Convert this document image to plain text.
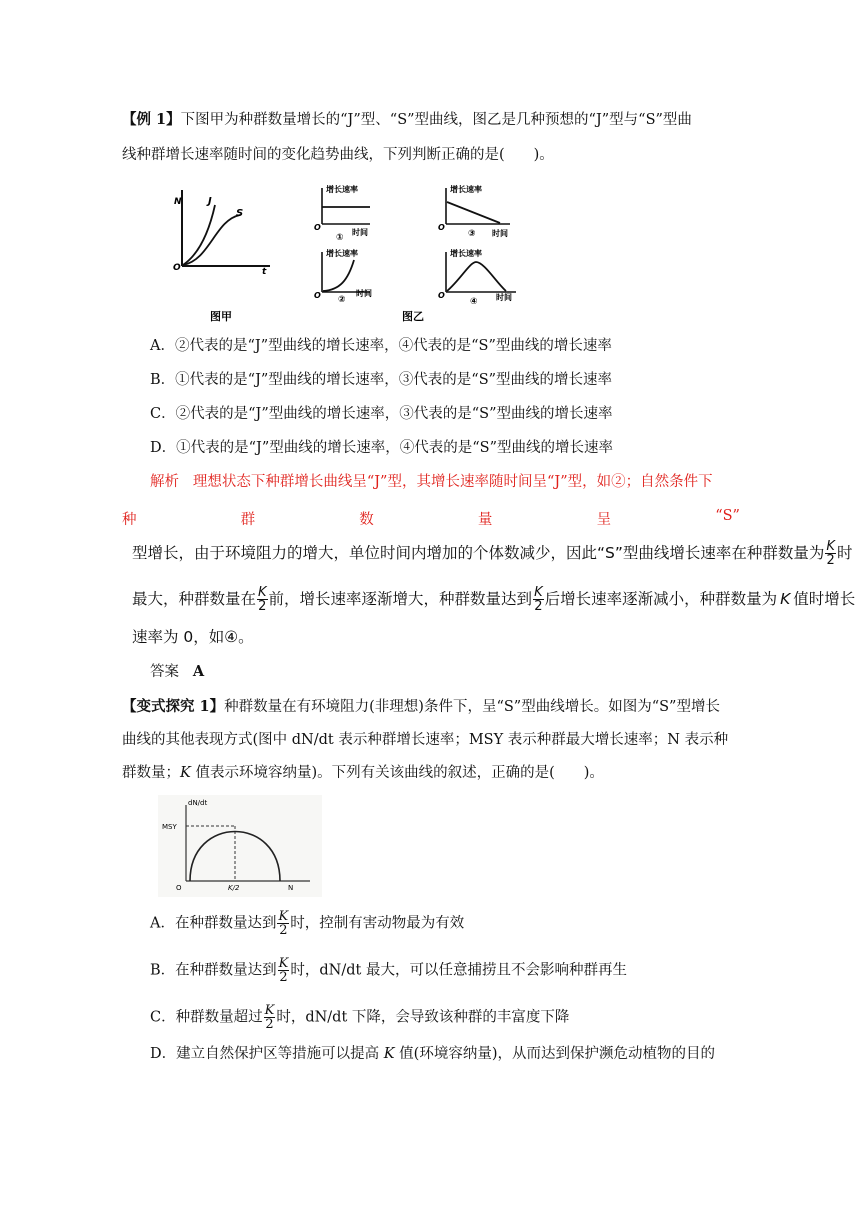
【例 1】下图甲为种群数量增长的“J”型、“S”型曲线，图乙是几种预想的“J”型与“S”型曲
线种群增长速率随时间的变化趋势曲线，下列判断正确的是(　　)。
N
O	t
J
S
图甲
增长速率
O
时间
①
增长速率
O	时间
②
增长速率
O
时间
③
增长速率
O	时间
④
图乙
A．②代表的是“J”型曲线的增长速率，④代表的是“S”型曲线的增长速率
B．①代表的是“J”型曲线的增长速率，③代表的是“S”型曲线的增长速率
C．②代表的是“J”型曲线的增长速率，③代表的是“S”型曲线的增长速率
D．①代表的是“J”型曲线的增长速率，④代表的是“S”型曲线的增长速率
解析 理想状态下种群增长曲线呈“J”型，其增长速率随时间呈“J”型，如②；自然条件下
种	群	数	量	呈	“S”
型增长，由于环境阻力的增大，单位时间内增加的个体数减少，因此“S”型曲线增长速率在种群数量为 $\frac{K}{2}$ 时
最大，种群数量在 $\frac{K}{2}$ 前，增长速率逐渐增大，种群数量达到 $\frac{K}{2}$ 后增长速率逐渐减小，种群数量为 K 值时增长
速率为 0，如④。
答案 A
【变式探究 1】种群数量在有环境阻力(非理想)条件下，呈“S”型曲线增长。如图为“S”型增长
曲线的其他表现方式(图中 dN/dt 表示种群增长速率；MSY 表示种群最大增长速率；N 表示种
群数量；K 值表示环境容纳量)。下列有关该曲线的叙述，正确的是(　　)。
dN/dt
MSY
O	K/2	N
A．在种群数量达到 $\frac{K}{2}$ 时，控制有害动物最为有效
B．在种群数量达到 $\frac{K}{2}$ 时，dN/dt 最大，可以任意捕捞且不会影响种群再生
C．种群数量超过 $\frac{K}{2}$ 时，dN/dt 下降，会导致该种群的丰富度下降
D．建立自然保护区等措施可以提高 K 值(环境容纳量)，从而达到保护濒危动植物的目的
